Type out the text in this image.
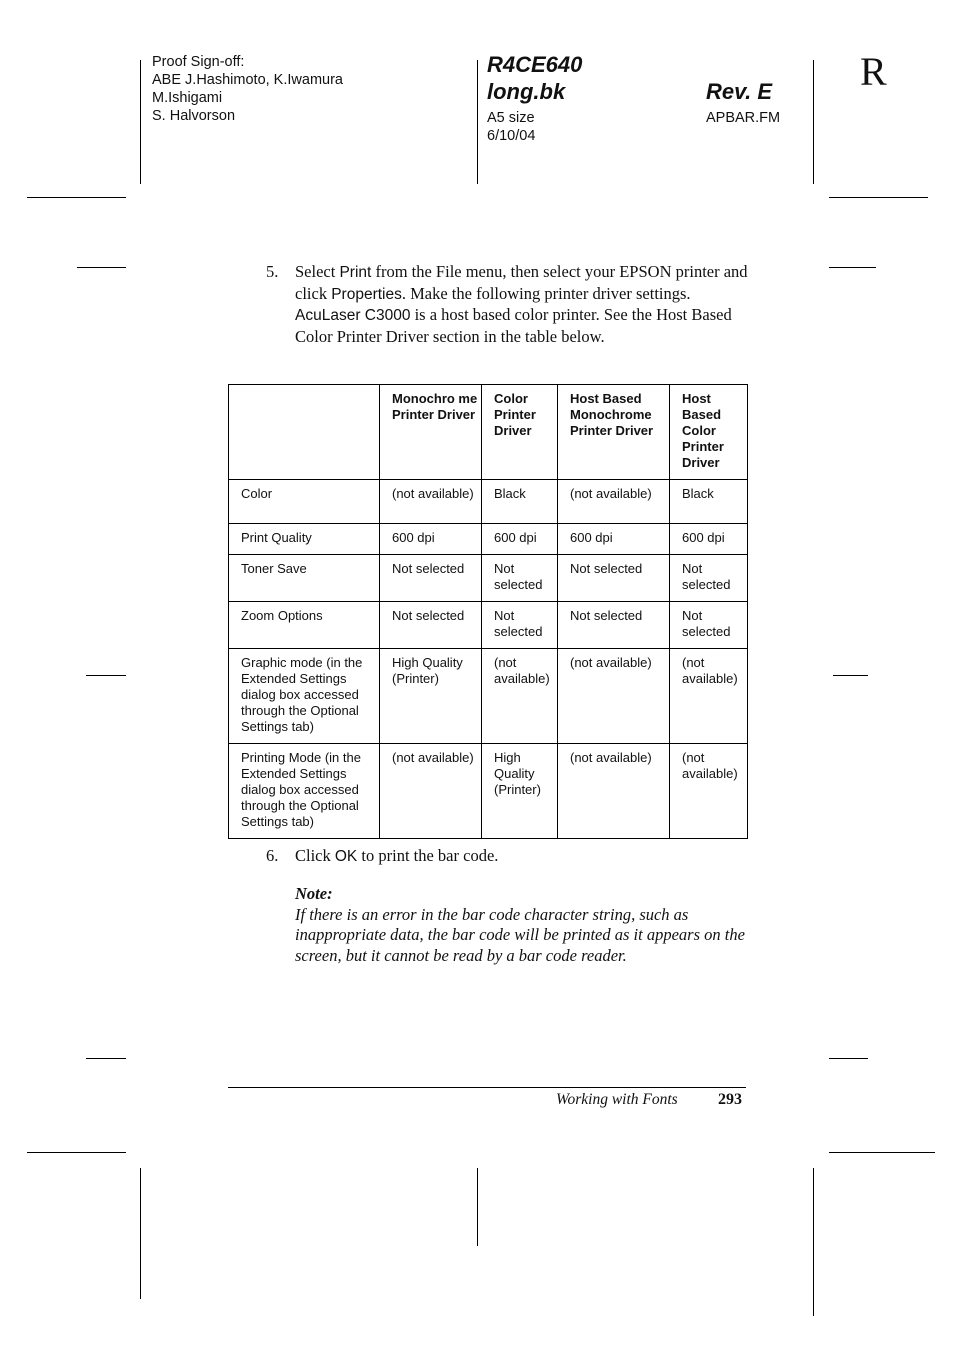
Proof Sign-off:
ABE J.Hashimoto, K.Iwamura
M.Ishigami
S. Halvorson
R4CE640
long.bk	Rev. E
A5 size
6/10/04
APBAR.FM
R
5. Select Print from the File menu, then select your EPSON printer and click Properties. Make the following printer driver settings. AcuLaser C3000 is a host based color printer. See the Host Based Color Printer Driver section in the table below.
	Monochro me Printer Driver	Color Printer Driver	Host Based Monochrome Printer Driver	Host Based Color Printer Driver
Color	(not available)	Black	(not available)	Black
Print Quality	600 dpi	600 dpi	600 dpi	600 dpi
Toner Save	Not selected	Not selected	Not selected	Not selected
Zoom Options	Not selected	Not selected	Not selected	Not selected
Graphic mode (in the Extended Settings dialog box accessed through the Optional Settings tab)	High Quality (Printer)	(not available)	(not available)	(not available)
Printing Mode (in the Extended Settings dialog box accessed through the Optional Settings tab)	(not available)	High Quality (Printer)	(not available)	(not available)
6. Click OK to print the bar code.
Note:
If there is an error in the bar code character string, such as inappropriate data, the bar code will be printed as it appears on the screen, but it cannot be read by a bar code reader.
Working with Fonts	293
